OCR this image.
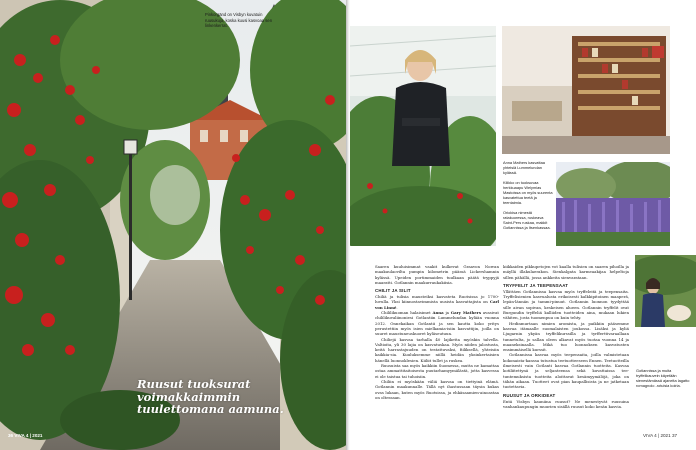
Pinkorgänd on Visbyn kuvatuin ruusukuja, koska kuusi kasvoaa sen linkenkerrat.
Ruusut tuoksurat voimakkaimmin tuulettomana aamuna.
36 VIVA 4 | 2021

Anna Mathers kasvattaa yhteisiä Lummelundan kylässä.

Kilikko on tuoksuvaa herkkuaapu Welymias Mastoissa on myös suurenta kasvatettua teetä ja teentaimia.

Oriokisa nimestä ratakuoressa, ruskeava Saint-Pers ruskaa, makkit Gotlannissa ja Itsenkassaa.

Gotlannissa ja muita tryffelikauvein käyetään sienestämässä ajaneita lagatto romagnolo -rotuisia koiria.

Saaren kuuluisimmat vaakit kulkevat Graavon Norran maakuulaovilta pumpin kilometrin päässä Lickershamnin kylässä. Upeiden portimmaiden tuulkaan päätä tryppyjä maaratti. Gotlannin maakurraukakiisia.

CHILIT JA SILIT

Chiliä ja tulisia mausteiksi kasvateta Ruotsissa jo 1700- luvulla. Yksi kiinnostavimmista uusista kasvattajista on Carl von Linné.

Chililikuoman halaisimet Anna ja Gary Mathers avasivat chililikuvaliinoniesi Gotlantiin Lummelundan kylään vuonna 2012. Onnekaikan Gotlantii ja sen kautta koko yritys perustettiin myös isien mielkamia-isiin kasvattijin, joilla on suuret maustuneuskuoret kyläseutuun.

Chiliejä kasvaa tarhalla 40 lajiketta myöskin talvella. Valtioita, yli 30 lajia on kasvatuskaa. Myös niiden jalostusta, keitä harrastajuuden on testattuvaksi, fiiliksellä, yhteisiin kaikkia-sia. Kuuluksemme niillä heidän yksinkertaisien hänellä luonnoklesien. Kiiliit tullet ja ruskea.

Ruusuista saa myös kaikkiin Suomessa, mutta ne kamattaa ostaa ammattitaitoisesta puutarhamyymälästä, jotta kasvessa ei ole taistua tai tuhoisiin.

Chiliin ei myöskään väliä kasvaa on tiettyinä elämä. Gotlannin maakunnalle. Tällä nyt ihastussaan täysin kukas ovas lukaan, kuten myös Ruotsissa, ja ehkäsaamien-ainoastaa on oltessaan.

kiikkaiden pikkupetojen vot kaalla tulisien on saaren pihoilla ja mäyllä illakulaerakon. Sienkalgata karmeaakijaa helpeltoja sillen pähällä, jossa ankkeita sienvarataan.

TRYFFELIT JA TEEPENSAAT

Yllättäen Gotlannissa kasvaa myös tryffeleitä ja teepensaita. Tryffelisienien kasvualusta erikoisesti kalkkipitoinen maaperä, lepän-lännän ja tammi-pinuut. Gotlannin luonnon tyydyttää sille aivan sopivan, keskeisen alueen. Gotlannin tryffelit ovat Burgundin tryffeliä kalliiden tuotteiden aina, mukaan lukien vähiten, josta tuomenpuu on kuin tehty.

Hedinmurtaan nimien aromista, ja paikkiin pääsemme kasvaa itämaalle suomalaisten joukossa. Lisäksi ja kyliä Ljugarnin ykyän tryffelikurssilla ja tyrfferttivaraallaan tunnetulta, jo sallan oleen alkavat myös tuotaa vuonna 14 ja maaneksinaalla. Mikä tuo luonnoksen kasvatusten ensimmäisellä kurssit.

Gotlannissa kasvaa myös teepensaita, joilla valmistetaan kokonaista-kanssa tutustua teetuotteeseen Ennen. Teetuotteilla ilmeisesti vain Gotlanti kasvaa Gotlannin tuotteita. Kasvaa kotiliitettynä ja seljanteensa sekä kuvattaissa tee-tuntemuksista tuotteita aloittavat kesämyymälöjä, joka on tähän aikaan. Tuotteet ovat pian kaupallisista ja ne jatketaan tuotettavia.

RUUSUT JA ORKIDEAT

Entä Visbyn kauniina ruusut? Ne menestyvät ruusuina vanhankaupungin muurien sisällä ruusut koko kesän kasvia.

VIVA 4 | 2021 37
